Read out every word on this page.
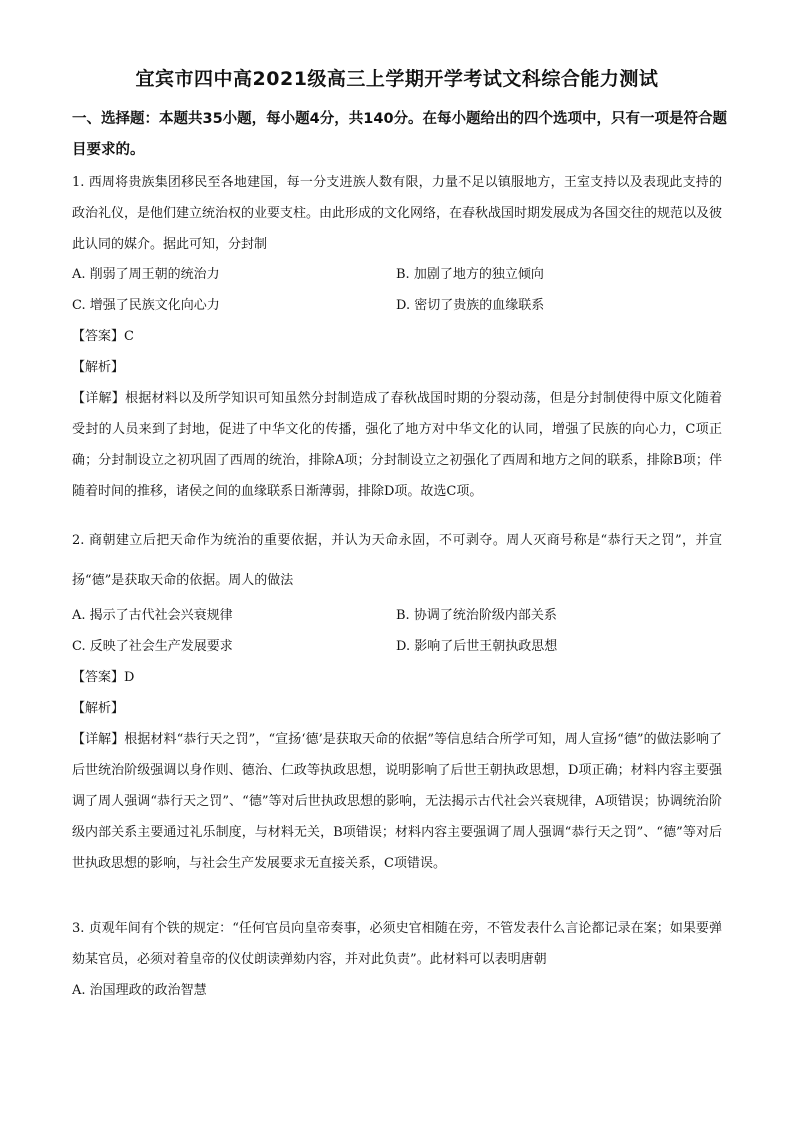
宜宾市四中高2021级高三上学期开学考试文科综合能力测试

一、选择题：本题共35小题，每小题4分，共140分。在每小题给出的四个选项中，只有一项是符合题目要求的。

1. 西周将贵族集团移民至各地建国，每一分支进族人数有限，力量不足以镇服地方，王室支持以及表现此支持的政治礼仪，是他们建立统治权的业要支柱。由此形成的文化网络，在春秋战国时期发展成为各国交往的规范以及彼此认同的媒介。据此可知，分封制

A. 削弱了周王朝的统治力	B. 加剧了地方的独立倾向
C. 增强了民族文化向心力	D. 密切了贵族的血缘联系
【答案】C
【解析】

【详解】根据材料以及所学知识可知虽然分封制造成了春秋战国时期的分裂动荡，但是分封制使得中原文化随着受封的人员来到了封地，促进了中华文化的传播，强化了地方对中华文化的认同，增强了民族的向心力，C项正确；分封制设立之初巩固了西周的统治，排除A项；分封制设立之初强化了西周和地方之间的联系，排除B项；伴随着时间的推移，诸侯之间的血缘联系日渐薄弱，排除D项。故选C项。

2. 商朝建立后把天命作为统治的重要依据，并认为天命永固，不可剥夺。周人灭商号称是“恭行天之罚”，并宣扬“德”是获取天命的依据。周人的做法

A. 揭示了古代社会兴衰规律	B. 协调了统治阶级内部关系
C. 反映了社会生产发展要求	D. 影响了后世王朝执政思想
【答案】D
【解析】

【详解】根据材料“恭行天之罚”，“宣扬‘德’是获取天命的依据”等信息结合所学可知，周人宣扬“德”的做法影响了后世统治阶级强调以身作则、德治、仁政等执政思想，说明影响了后世王朝执政思想，D项正确；材料内容主要强调了周人强调“恭行天之罚”、“德”等对后世执政思想的影响，无法揭示古代社会兴衰规律，A项错误；协调统治阶级内部关系主要通过礼乐制度，与材料无关，B项错误；材料内容主要强调了周人强调“恭行天之罚”、“德”等对后世执政思想的影响，与社会生产发展要求无直接关系，C项错误。

3. 贞观年间有个铁的规定：“任何官员向皇帝奏事，必须史官相随在旁，不管发表什么言论都记录在案；如果要弹劾某官员，必须对着皇帝的仪仗朗读弹劾内容，并对此负责”。此材料可以表明唐朝

A. 治国理政的政治智慧
